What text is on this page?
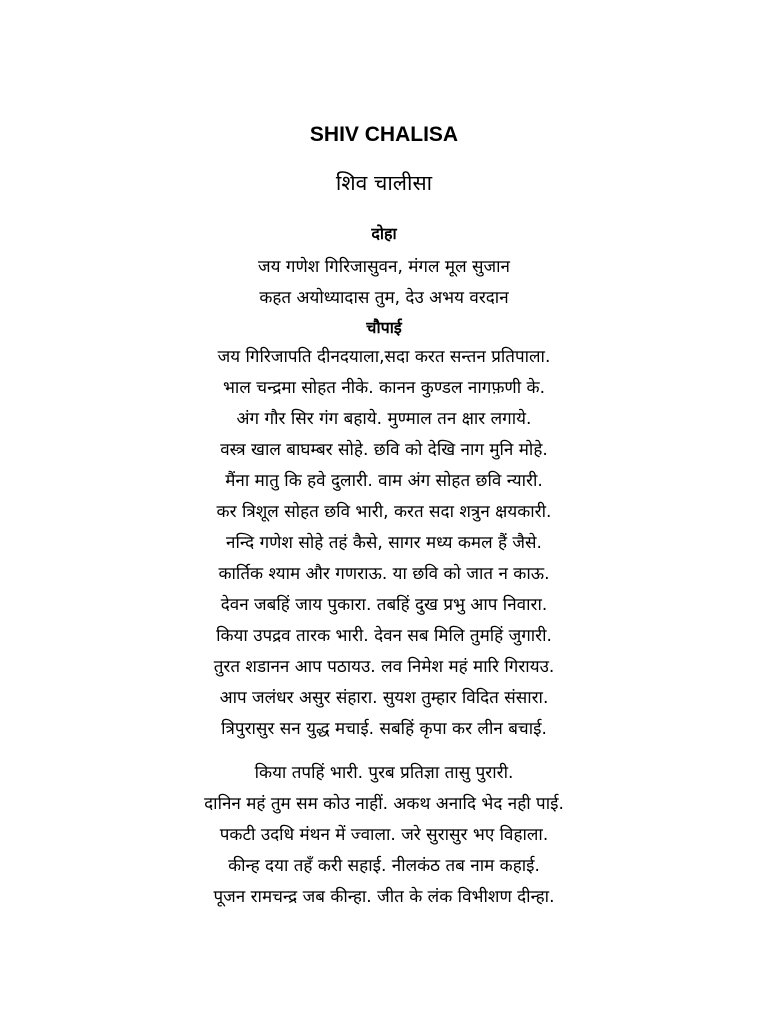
SHIV CHALISA
शिव चालीसा
दोहा
जय गणेश गिरिजासुवन, मंगल मूल सुजान
कहत अयोध्यादास तुम, देउ अभय वरदान
चौपाई
जय गिरिजापति दीनदयाला,सदा करत सन्तन प्रतिपाला.
भाल चन्द्रमा सोहत नीके. कानन कुण्डल नागफ़णी के.
अंग गौर सिर गंग बहाये. मुण्माल तन क्षार लगाये.
वस्त्र खाल बाघम्बर सोहे. छवि को देखि नाग मुनि मोहे.
मैंना मातु कि हवे दुलारी. वाम अंग सोहत छवि न्यारी.
कर त्रिशूल सोहत छवि भारी, करत सदा शत्रुन क्षयकारी.
नन्दि गणेश सोहे तहं कैसे, सागर मध्य कमल हैं जैसे.
कार्तिक श्याम और गणराऊ. या छवि को जात न काऊ.
देवन जबहिं जाय पुकारा. तबहिं दुख प्रभु आप निवारा.
किया उपद्रव तारक भारी. देवन सब मिलि तुमहिं जुगारी.
तुरत शडानन आप पठायउ. लव निमेश महं मारि गिरायउ.
आप जलंधर असुर संहारा. सुयश तुम्हार विदित संसारा.
त्रिपुरासुर सन युद्ध मचाई. सबहिं कृपा कर लीन बचाई.
किया तपहिं भारी. पुरब प्रतिज्ञा तासु पुरारी.
दानिन महं तुम सम कोउ नाहीं. अकथ अनादि भेद नही पाई.
पकटी उदधि मंथन में ज्वाला. जरे सुरासुर भए विहाला.
कीन्ह दया तहँ करी सहाई. नीलकंठ तब नाम कहाई.
पूजन रामचन्द्र जब कीन्हा. जीत के लंक विभीशण दीन्हा.
